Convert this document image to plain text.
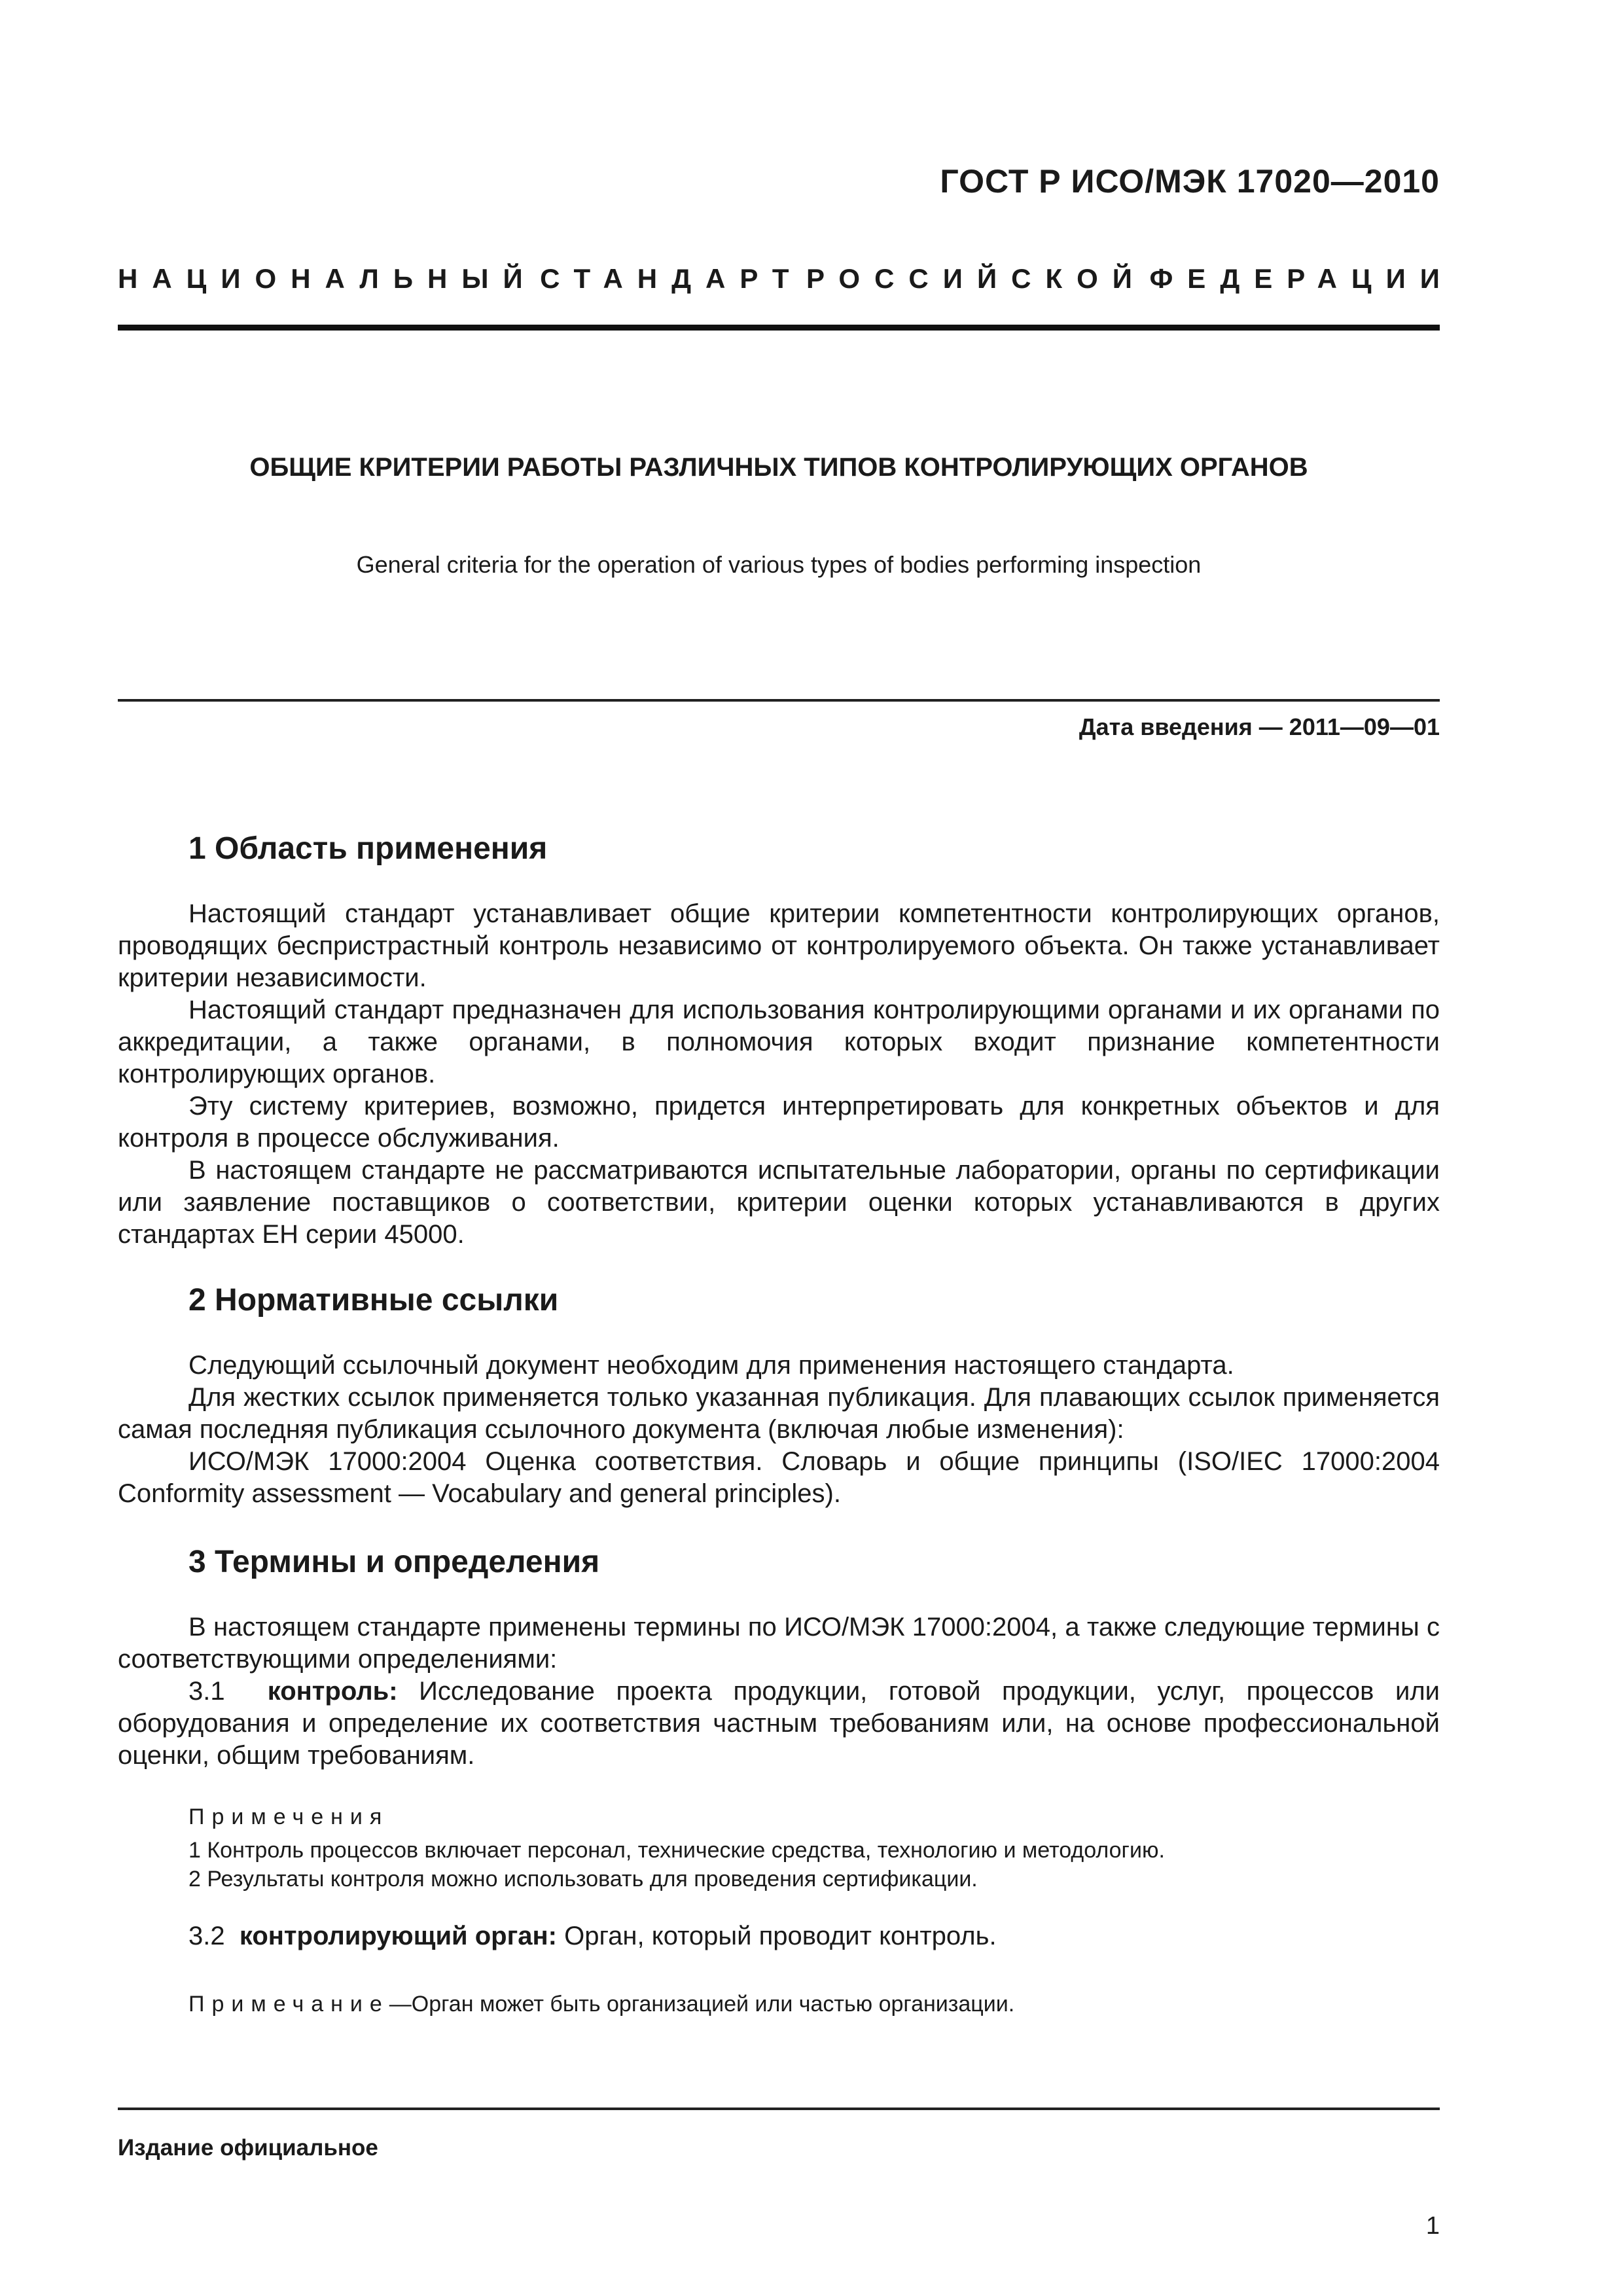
ГОСТ Р ИСО/МЭК 17020—2010
НАЦИОНАЛЬНЫЙ СТАНДАРТ РОССИЙСКОЙ ФЕДЕРАЦИИ
ОБЩИЕ КРИТЕРИИ РАБОТЫ РАЗЛИЧНЫХ ТИПОВ КОНТРОЛИРУЮЩИХ ОРГАНОВ
General criteria for the operation of various types of bodies performing inspection
Дата введения — 2011—09—01
1 Область применения

Настоящий стандарт устанавливает общие критерии компетентности контролирующих органов, проводящих беспристрастный контроль независимо от контролируемого объекта. Он также устанавливает критерии независимости.

Настоящий стандарт предназначен для использования контролирующими органами и их органами по аккредитации, а также органами, в полномочия которых входит признание компетентности контролирующих органов.

Эту систему критериев, возможно, придется интерпретировать для конкретных объектов и для контроля в процессе обслуживания.

В настоящем стандарте не рассматриваются испытательные лаборатории, органы по сертификации или заявление поставщиков о соответствии, критерии оценки которых устанавливаются в других стандартах ЕН серии 45000.

2 Нормативные ссылки

Следующий ссылочный документ необходим для применения настоящего стандарта.

Для жестких ссылок применяется только указанная публикация. Для плавающих ссылок применяется самая последняя публикация ссылочного документа (включая любые изменения):

ИСО/МЭК 17000:2004 Оценка соответствия. Словарь и общие принципы (ISO/IEC 17000:2004 Conformity assessment — Vocabulary and general principles).

3 Термины и определения

В настоящем стандарте применены термины по ИСО/МЭК 17000:2004, а также следующие термины с соответствующими определениями:

3.1 контроль: Исследование проекта продукции, готовой продукции, услуг, процессов или оборудования и определение их соответствия частным требованиям или, на основе профессиональной оценки, общим требованиям.

Примечения
1 Контроль процессов включает персонал, технические средства, технологию и методологию.
2 Результаты контроля можно использовать для проведения сертификации.

3.2 контролирующий орган: Орган, который проводит контроль.

Примечание—Орган может быть организацией или частью организации.
Издание официальное
1
